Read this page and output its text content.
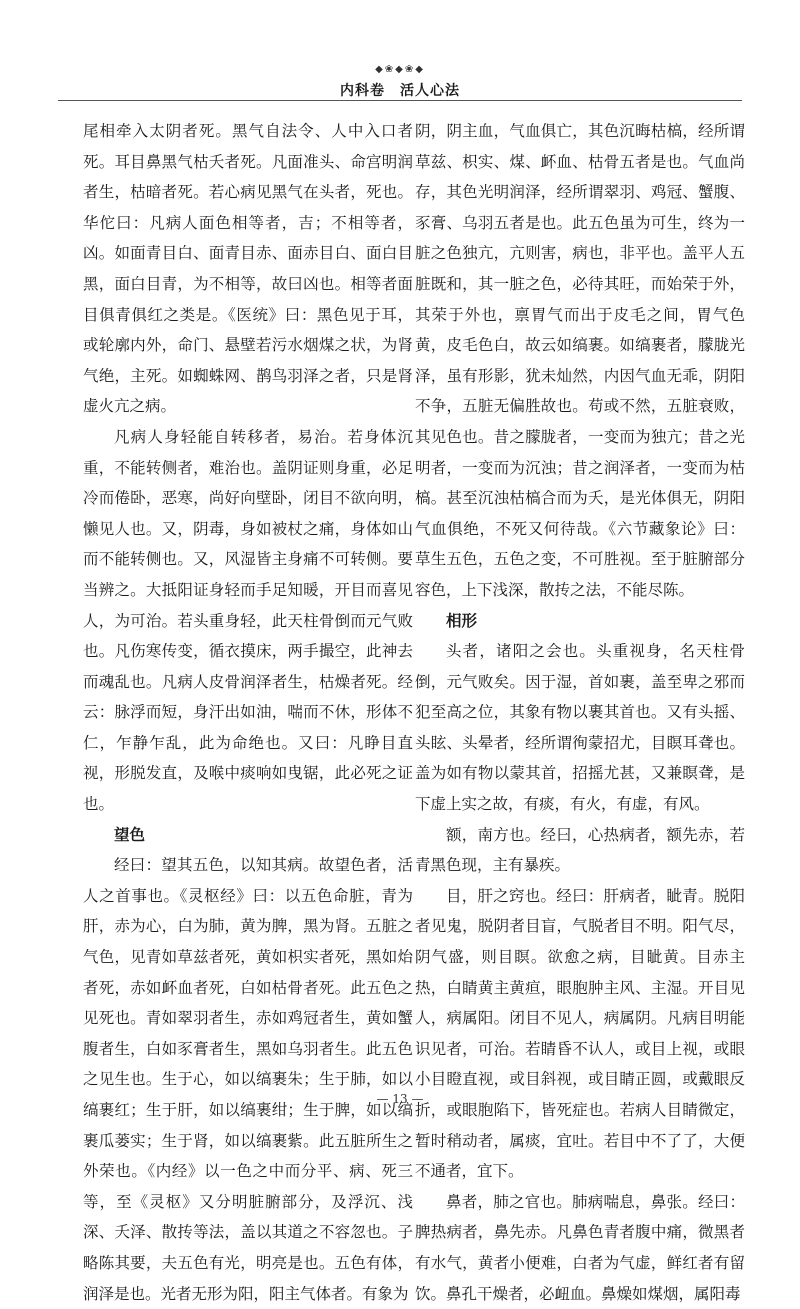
◆❀◆❀◆
内科卷　活人心法

尾相牵入太阴者死。黑气自法令、人中入口者死。耳目鼻黑气枯夭者死。凡面准头、命宫明润者生，枯暗者死。若心病见黑气在头者，死也。华佗曰：凡病人面色相等者，吉；不相等者，凶。如面青目白、面青目赤、面赤目白、面白目黑，面白目青，为不相等，故曰凶也。相等者面目俱青俱红之类是。《医统》曰：黑色见于耳，或轮廓内外，命门、悬壁若污水烟煤之状，为肾气绝，主死。如蜘蛛网、鹊鸟羽泽之者，只是肾虚火亢之病。

凡病人身轻能自转移者，易治。若身体沉重，不能转侧者，难治也。盖阴证则身重，必足冷而倦卧，恶寒，尚好向壁卧，闭目不欲向明，懒见人也。又，阴毒，身如被杖之痛，身体如山而不能转侧也。又，风湿皆主身痛不可转侧。要当辨之。大抵阳证身轻而手足知暖，开目而喜见人，为可治。若头重身轻，此天柱骨倒而元气败也。凡伤寒传变，循衣摸床，两手撮空，此神去而魂乱也。凡病人皮骨润泽者生，枯燥者死。经云：脉浮而短，身汗出如油，喘而不休，形体不仁，乍静乍乱，此为命绝也。又曰：凡睁目直视，形脱发直，及喉中痰响如曳锯，此必死之证也。

望色

经曰：望其五色，以知其病。故望色者，活人之首事也。《灵枢经》曰：以五色命脏，青为肝，赤为心，白为肺，黄为脾，黑为肾。五脏之气色，见青如草兹者死，黄如枳实者死，黑如炲者死，赤如衃血者死，白如枯骨者死。此五色之见死也。青如翠羽者生，赤如鸡冠者生，黄如蟹腹者生，白如豕膏者生，黑如乌羽者生。此五色之见生也。生于心，如以缟裹朱；生于肺，如以缟裹红；生于肝，如以缟裹绀；生于脾，如以缟裹瓜蒌实；生于肾，如以缟裹紫。此五脏所生之外荣也。《内经》以一色之中而分平、病、死三等，至《灵枢》又分明脏腑部分，及浮沉、浅深、夭泽、散抟等法，盖以其道之不容忽也。子略陈其要，夫五色有光，明亮是也。五色有体，润泽是也。光者无形为阳，阳主气体者。有象为

阴，阴主血，气血俱亡，其色沉晦枯槁，经所谓草兹、枳实、煤、衃血、枯骨五者是也。气血尚存，其色光明润泽，经所谓翠羽、鸡冠、蟹腹、豕膏、乌羽五者是也。此五色虽为可生，终为一脏之色独亢，亢则害，病也，非平也。盖平人五脏既和，其一脏之色，必待其旺，而始荣于外，其荣于外也，禀胃气而出于皮毛之间，胃气色黄，皮毛色白，故云如缟裹。如缟裹者，朦胧光泽，虽有形影，犹未灿然，内因气血无乖，阴阳不争，五脏无偏胜故也。苟或不然，五脏衰败，其见色也。昔之朦胧者，一变而为独亢；昔之光明者，一变而为沉浊；昔之润泽者，一变而为枯槁。甚至沉浊枯槁合而为夭，是光体俱无，阴阳气血俱绝，不死又何待哉。《六节藏象论》曰：草生五色，五色之变，不可胜视。至于脏腑部分容色，上下浅深，散抟之法，不能尽陈。

相形

头者，诸阳之会也。头重视身，名天柱骨倒，元气败矣。因于湿，首如裹，盖至卑之邪而犯至高之位，其象有物以裹其首也。又有头摇、头眩、头晕者，经所谓徇蒙招尤，目瞑耳聋也。盖为如有物以蒙其首，招摇尤甚，又兼瞑聋，是下虚上实之故，有痰，有火，有虚，有风。

额，南方也。经曰，心热病者，额先赤，若青黑色现，主有暴疾。

目，肝之窍也。经曰：肝病者，眦青。脱阳者见鬼，脱阴者目盲，气脱者目不明。阳气尽，阴气盛，则目瞑。欲愈之病，目眦黄。目赤主热，白睛黄主黄疸，眼胞肿主风、主湿。开目见人，病属阳。闭目不见人，病属阴。凡病目明能识见者，可治。若睛昏不认人，或目上视，或眼小目瞪直视，或目斜视，或目睛正圆，或戴眼反折，或眼胞陷下，皆死症也。若病人目睛微定，暂时稍动者，属痰，宜吐。若目中不了了，大便不通者，宜下。

鼻者，肺之官也。肺病喘息，鼻张。经曰：脾热病者，鼻先赤。凡鼻色青者腹中痛，微黑者有水气，黄者小便难，白者为气虚，鲜红者有留饮。鼻孔干燥者，必衄血。鼻燥如煤烟，属阳毒

— 13 —
